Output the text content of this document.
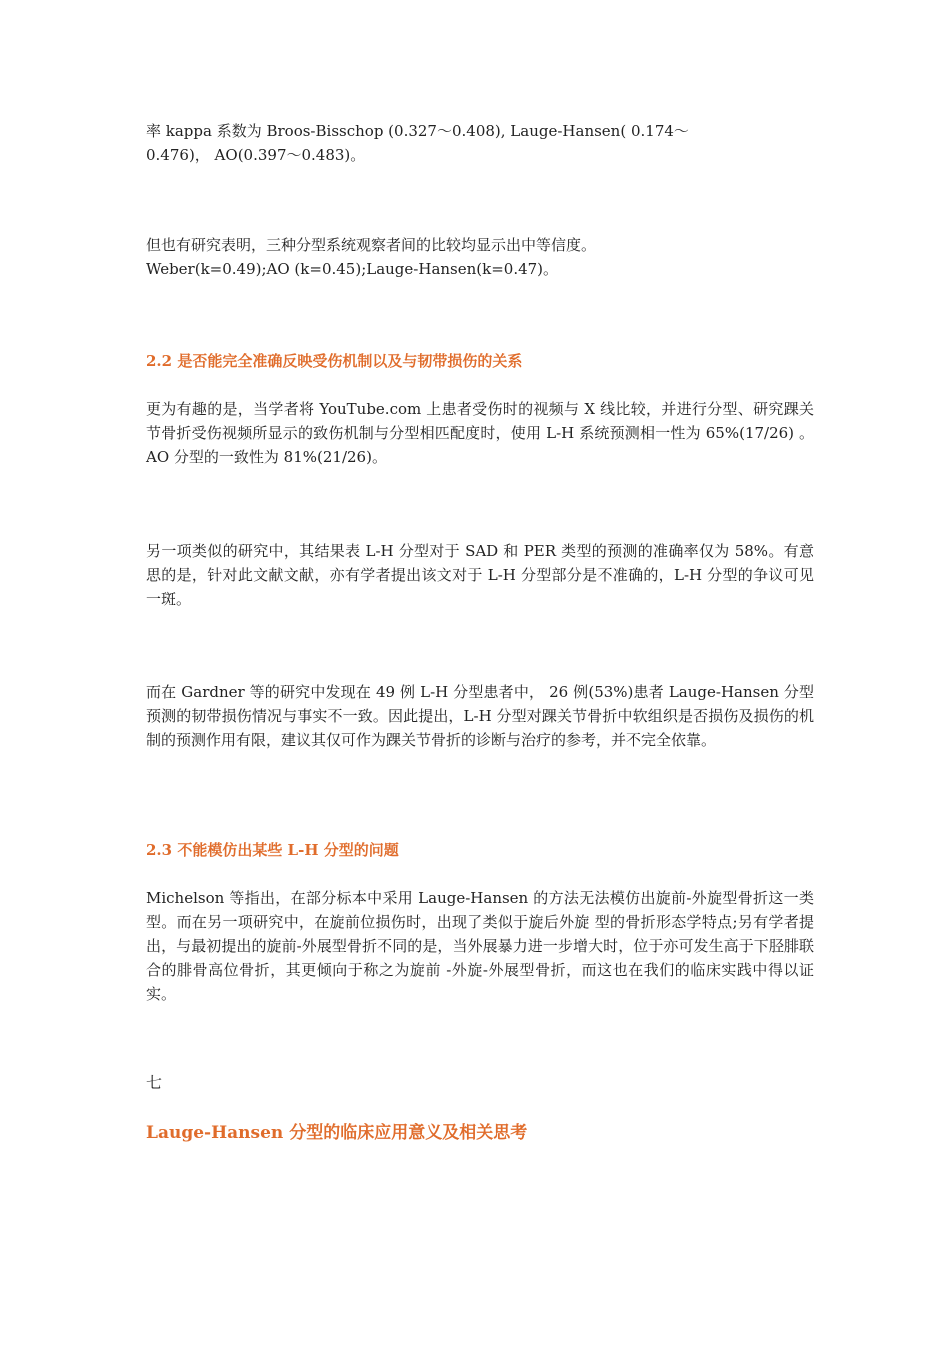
率 kappa 系数为 Broos-Bisschop (0.327～0.408), Lauge-Hansen( 0.174～

0.476)， AO(0.397～0.483)。

但也有研究表明，三种分型系统观察者间的比较均显示出中等信度。

Weber(k=0.49);AO (k=0.45);Lauge-Hansen(k=0.47)。

2.2 是否能完全准确反映受伤机制以及与韧带损伤的关系

更为有趣的是，当学者将 YouTube.com 上患者受伤时的视频与 X 线比较，并进行分型、研究踝关节骨折受伤视频所显示的致伤机制与分型相匹配度时，使用 L-H 系统预测相一性为 65%(17/26) 。AO 分型的一致性为 81%(21/26)。

另一项类似的研究中，其结果表 L-H 分型对于 SAD 和 PER 类型的预测的准确率仅为 58%。有意思的是，针对此文献文献，亦有学者提出该文对于 L-H 分型部分是不准确的，L-H 分型的争议可见一斑。

而在 Gardner 等的研究中发现在 49 例 L-H 分型患者中， 26 例(53%)患者 Lauge-Hansen 分型预测的韧带损伤情况与事实不一致。因此提出，L-H 分型对踝关节骨折中软组织是否损伤及损伤的机制的预测作用有限，建议其仅可作为踝关节骨折的诊断与治疗的参考，并不完全依靠。

2.3 不能模仿出某些 L-H 分型的问题

Michelson 等指出，在部分标本中采用 Lauge-Hansen 的方法无法模仿出旋前-外旋型骨折这一类型。而在另一项研究中，在旋前位损伤时，出现了类似于旋后外旋 型的骨折形态学特点;另有学者提出，与最初提出的旋前-外展型骨折不同的是，当外展暴力进一步增大时，位于亦可发生高于下胫腓联合的腓骨高位骨折，其更倾向于称之为旋前 -外旋-外展型骨折，而这也在我们的临床实践中得以证实。

七
Lauge-Hansen 分型的临床应用意义及相关思考
